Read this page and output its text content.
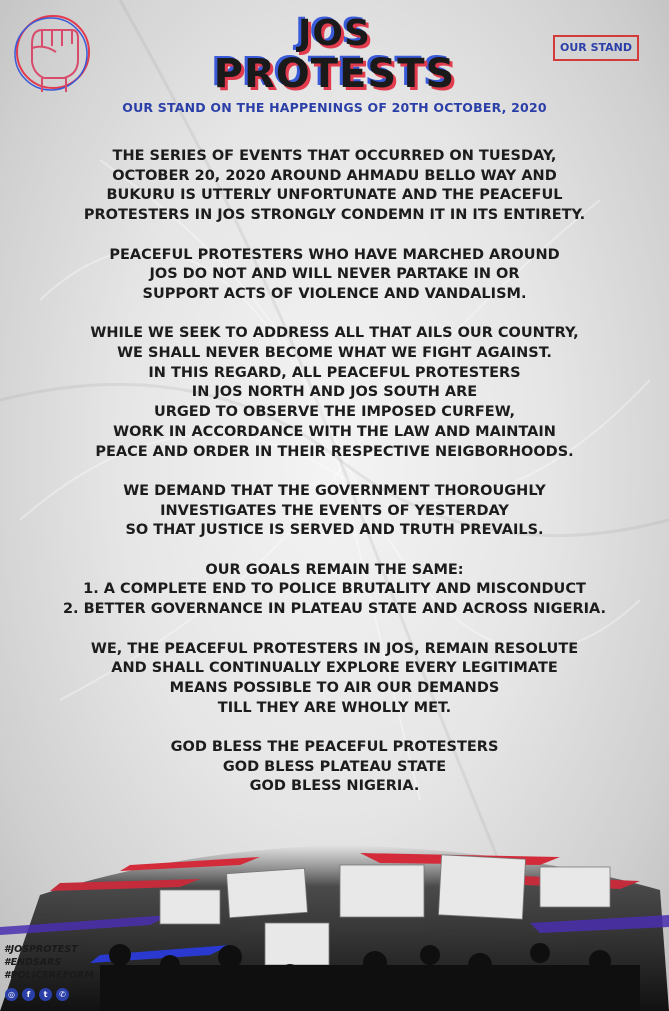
JOS
PROTESTS
OUR STAND
OUR STAND ON THE HAPPENINGS OF 20TH OCTOBER, 2020
THE SERIES OF EVENTS THAT OCCURRED ON TUESDAY,
OCTOBER 20, 2020 AROUND AHMADU BELLO WAY AND
BUKURU IS UTTERLY UNFORTUNATE AND THE PEACEFUL
PROTESTERS IN JOS STRONGLY CONDEMN IT IN ITS ENTIRETY.
PEACEFUL PROTESTERS WHO HAVE MARCHED AROUND
JOS DO NOT AND WILL NEVER PARTAKE IN OR
SUPPORT ACTS OF VIOLENCE AND VANDALISM.
WHILE WE SEEK TO ADDRESS ALL THAT AILS OUR COUNTRY,
WE SHALL NEVER BECOME WHAT WE FIGHT AGAINST.
IN THIS REGARD, ALL PEACEFUL PROTESTERS
IN JOS NORTH AND JOS SOUTH ARE
URGED TO OBSERVE THE IMPOSED CURFEW,
WORK IN ACCORDANCE WITH THE LAW AND MAINTAIN
PEACE AND ORDER IN THEIR RESPECTIVE NEIGBORHOODS.
WE DEMAND THAT THE GOVERNMENT THOROUGHLY
INVESTIGATES THE EVENTS OF YESTERDAY
SO THAT JUSTICE IS SERVED AND TRUTH PREVAILS.
OUR GOALS REMAIN THE SAME:
1. A COMPLETE END TO POLICE BRUTALITY AND MISCONDUCT
2. BETTER GOVERNANCE IN PLATEAU STATE AND ACROSS NIGERIA.
WE, THE PEACEFUL PROTESTERS IN JOS, REMAIN RESOLUTE
AND SHALL CONTINUALLY EXPLORE EVERY LEGITIMATE
MEANS POSSIBLE TO AIR OUR DEMANDS
TILL THEY ARE WHOLLY MET.
GOD BLESS THE PEACEFUL PROTESTERS
GOD BLESS PLATEAU STATE
GOD BLESS NIGERIA.
#JOSPROTEST
#ENDSARS
#POLICEREFORM
◎	f	t	✆
